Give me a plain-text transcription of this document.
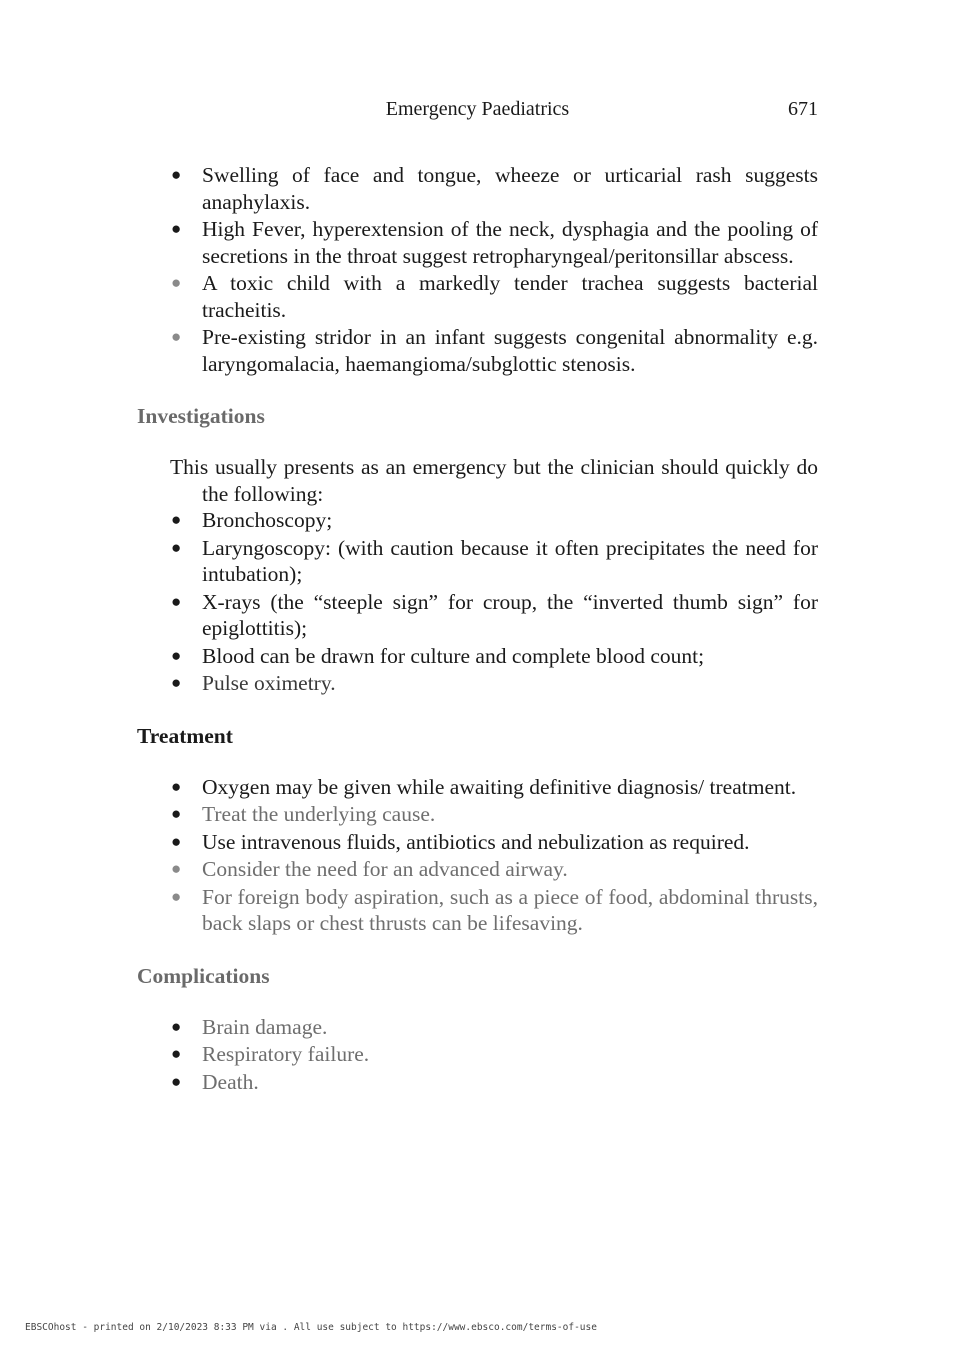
Emergency Paediatrics	671
● Swelling of face and tongue, wheeze or urticarial rash suggests anaphylaxis.
● High Fever, hyperextension of the neck, dysphagia and the pooling of secretions in the throat suggest retropharyngeal/peritonsillar abscess.
● A toxic child with a markedly tender trachea suggests bacterial tracheitis.
● Pre-existing stridor in an infant suggests congenital abnormality e.g. laryngomalacia, haemangioma/subglottic stenosis.
Investigations

This usually presents as an emergency but the clinician should quickly do the following:

● Bronchoscopy;
● Laryngoscopy: (with caution because it often precipitates the need for intubation);
● X-rays (the “steeple sign” for croup, the “inverted thumb sign” for epiglottitis);
● Blood can be drawn for culture and complete blood count;
● Pulse oximetry.
Treatment
● Oxygen may be given while awaiting definitive diagnosis/ treatment.
● Treat the underlying cause.
● Use intravenous fluids, antibiotics and nebulization as required.
● Consider the need for an advanced airway.
● For foreign body aspiration, such as a piece of food, abdominal thrusts, back slaps or chest thrusts can be lifesaving.
Complications
● Brain damage.
● Respiratory failure.
● Death.
EBSCOhost - printed on 2/10/2023 8:33 PM via . All use subject to https://www.ebsco.com/terms-of-use
